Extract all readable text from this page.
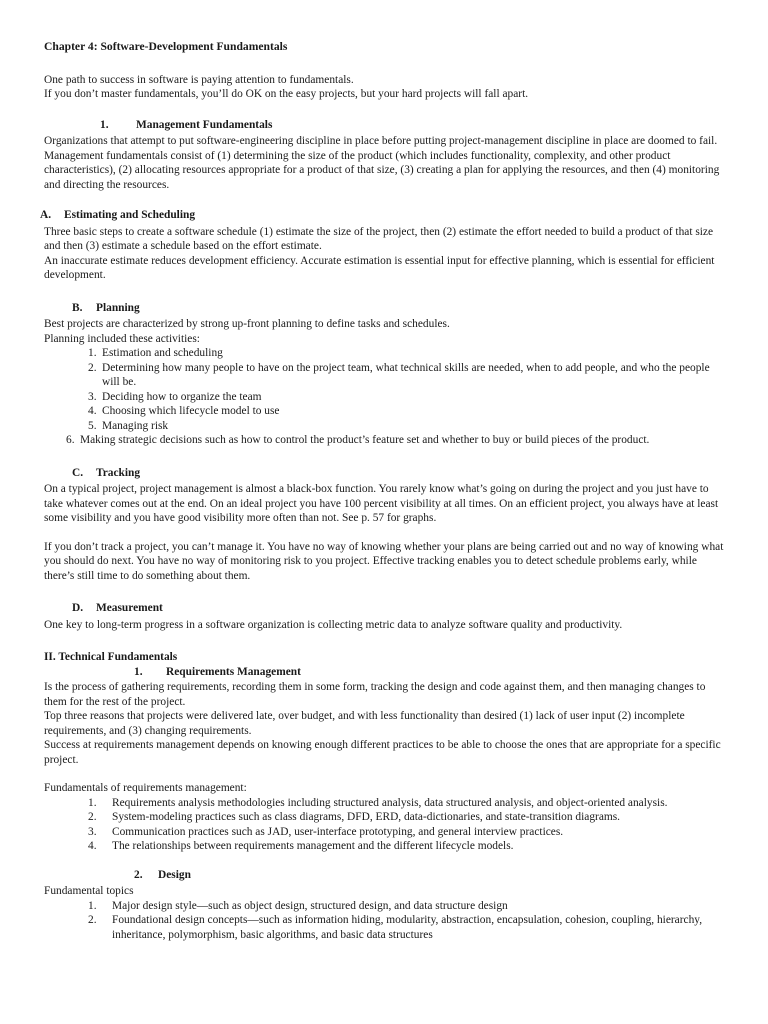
Chapter 4: Software-Development Fundamentals

One path to success in software is paying attention to fundamentals.

If you don’t master fundamentals, you’ll do OK on the easy projects, but your hard projects will fall apart.

1. Management Fundamentals

Organizations that attempt to put software-engineering discipline in place before putting project-management discipline in place are doomed to fail.

Management fundamentals consist of (1) determining the size of the product (which includes functionality, complexity, and other product characteristics), (2) allocating resources appropriate for a product of that size, (3) creating a plan for applying the resources, and then (4) monitoring and directing the resources.

A. Estimating and Scheduling

Three basic steps to create a software schedule (1) estimate the size of the project, then (2) estimate the effort needed to build a product of that size and then (3) estimate a schedule based on the effort estimate.

An inaccurate estimate reduces development efficiency. Accurate estimation is essential input for effective planning, which is essential for efficient development.

B. Planning

Best projects are characterized by strong up-front planning to define tasks and schedules.

Planning included these activities:

1. Estimation and scheduling
2. Determining how many people to have on the project team, what technical skills are needed, when to add people, and who the people will be.
3. Deciding how to organize the team
4. Choosing which lifecycle model to use
5. Managing risk
6. Making strategic decisions such as how to control the product’s feature set and whether to buy or build pieces of the product.

C. Tracking

On a typical project, project management is almost a black-box function. You rarely know what’s going on during the project and you just have to take whatever comes out at the end. On an ideal project you have 100 percent visibility at all times. On an efficient project, you always have at least some visibility and you have good visibility more often than not. See p. 57 for graphs.

If you don’t track a project, you can’t manage it. You have no way of knowing whether your plans are being carried out and no way of knowing what you should do next. You have no way of monitoring risk to you project. Effective tracking enables you to detect schedule problems early, while there’s still time to do something about them.

D. Measurement

One key to long-term progress in a software organization is collecting metric data to analyze software quality and productivity.

II. Technical Fundamentals

1. Requirements Management

Is the process of gathering requirements, recording them in some form, tracking the design and code against them, and then managing changes to them for the rest of the project.

Top three reasons that projects were delivered late, over budget, and with less functionality than desired (1) lack of user input (2) incomplete requirements, and (3) changing requirements.

Success at requirements management depends on knowing enough different practices to be able to choose the ones that are appropriate for a specific project.

Fundamentals of requirements management:

1. Requirements analysis methodologies including structured analysis, data structured analysis, and object-oriented analysis.
2. System-modeling practices such as class diagrams, DFD, ERD, data-dictionaries, and state-transition diagrams.
3. Communication practices such as JAD, user-interface prototyping, and general interview practices.
4. The relationships between requirements management and the different lifecycle models.

2. Design

Fundamental topics

1. Major design style—such as object design, structured design, and data structure design
2. Foundational design concepts—such as information hiding, modularity, abstraction, encapsulation, cohesion, coupling, hierarchy, inheritance, polymorphism, basic algorithms, and basic data structures
